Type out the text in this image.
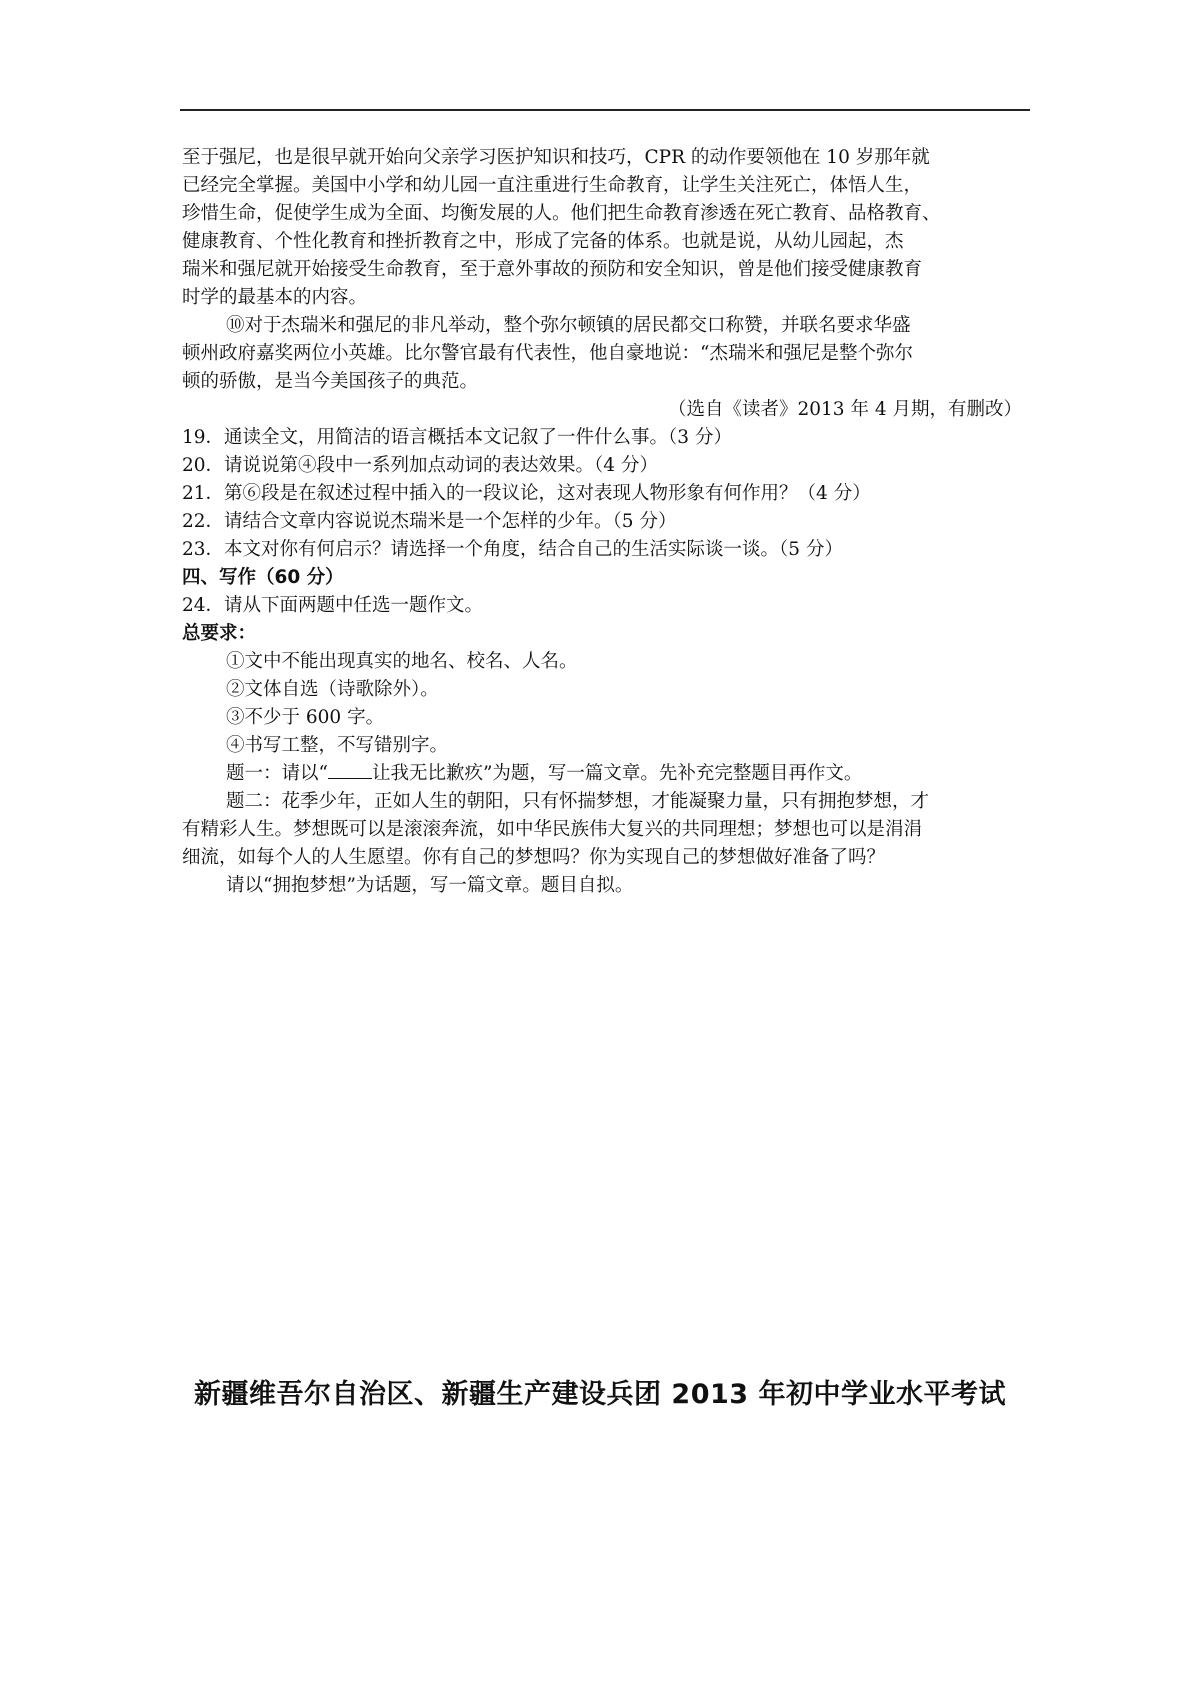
至于强尼，也是很早就开始向父亲学习医护知识和技巧，CPR 的动作要领他在 10 岁那年就
已经完全掌握。美国中小学和幼儿园一直注重进行生命教育，让学生关注死亡，体悟人生，
珍惜生命，促使学生成为全面、均衡发展的人。他们把生命教育渗透在死亡教育、品格教育、
健康教育、个性化教育和挫折教育之中，形成了完备的体系。也就是说，从幼儿园起，杰
瑞米和强尼就开始接受生命教育，至于意外事故的预防和安全知识，曾是他们接受健康教育
时学的最基本的内容。
⑩对于杰瑞米和强尼的非凡举动，整个弥尔顿镇的居民都交口称赞，并联名要求华盛
顿州政府嘉奖两位小英雄。比尔警官最有代表性，他自豪地说：“杰瑞米和强尼是整个弥尔
顿的骄傲，是当今美国孩子的典范。
（选自《读者》2013 年 4 月期，有删改）
19．通读全文，用简洁的语言概括本文记叙了一件什么事。（3 分）
20．请说说第④段中一系列加点动词的表达效果。（4 分）
21．第⑥段是在叙述过程中插入的一段议论，这对表现人物形象有何作用？（4 分）
22．请结合文章内容说说杰瑞米是一个怎样的少年。（5 分）
23．本文对你有何启示？请选择一个角度，结合自己的生活实际谈一谈。（5 分）
四、写作（60 分）
24．请从下面两题中任选一题作文。
总要求：
①文中不能出现真实的地名、校名、人名。
②文体自选（诗歌除外）。
③不少于 600 字。
④书写工整，不写错别字。
题一：请以“ 让我无比歉疚”为题，写一篇文章。先补充完整题目再作文。
题二：花季少年，正如人生的朝阳，只有怀揣梦想，才能凝聚力量，只有拥抱梦想，才
有精彩人生。梦想既可以是滚滚奔流，如中华民族伟大复兴的共同理想；梦想也可以是涓涓
细流，如每个人的人生愿望。你有自己的梦想吗？你为实现自己的梦想做好准备了吗？
请以“拥抱梦想”为话题，写一篇文章。题目自拟。
新疆维吾尔自治区、新疆生产建设兵团 2013 年初中学业水平考试
